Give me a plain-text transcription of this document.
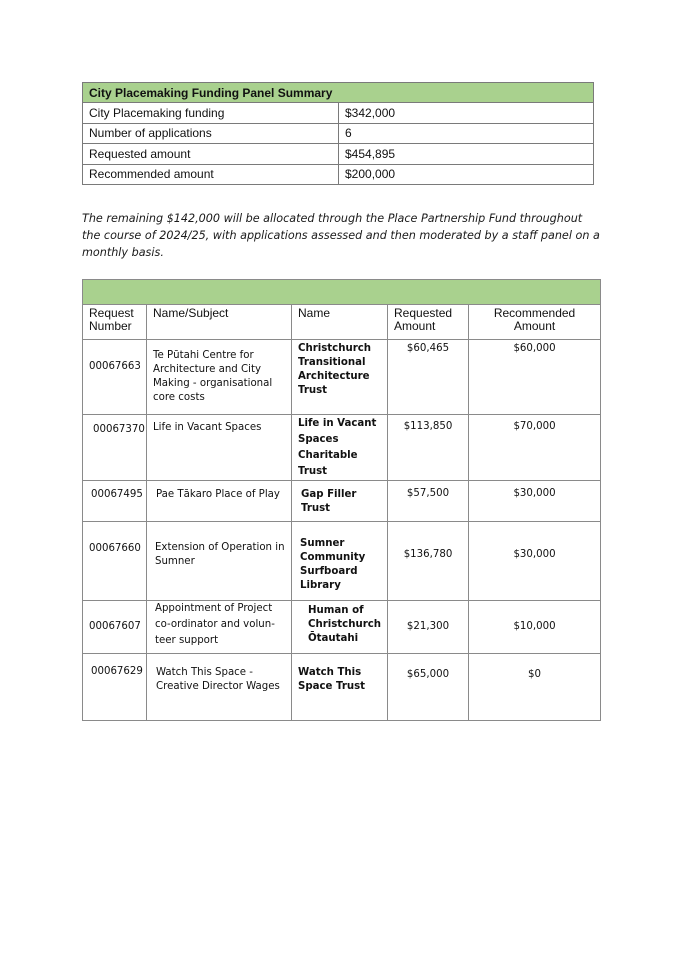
City Placemaking Funding Panel Summary	
City Placemaking funding	$342,000
Number of applications	6
Requested amount	$454,895
Recommended amount	$200,000

The remaining $142,000 will be allocated through the Place Partnership Fund throughout the course of 2024/25, with applications assessed and then moderated by a staff panel on a monthly basis.

Request Number	Name/Subject	Name	Requested Amount	Recommended Amount
00067663	Te Pūtahi Centre for Architecture and City Making - organisational core costs	Christchurch Transitional Architecture Trust	$60,465	$60,000
00067370	Life in Vacant Spaces	Life in Vacant Spaces Charitable Trust	$113,850	$70,000
00067495	Pae Tākaro Place of Play	Gap Filler Trust	$57,500	$30,000
00067660	Extension of Operation in Sumner	Sumner Community Surfboard Library	$136,780	$30,000
00067607	Appointment of Project co-ordinator and volun-teer support	Human of Christchurch Ōtautahi	$21,300	$10,000
00067629	Watch This Space - Creative Director Wages	Watch This Space Trust	$65,000	$0
